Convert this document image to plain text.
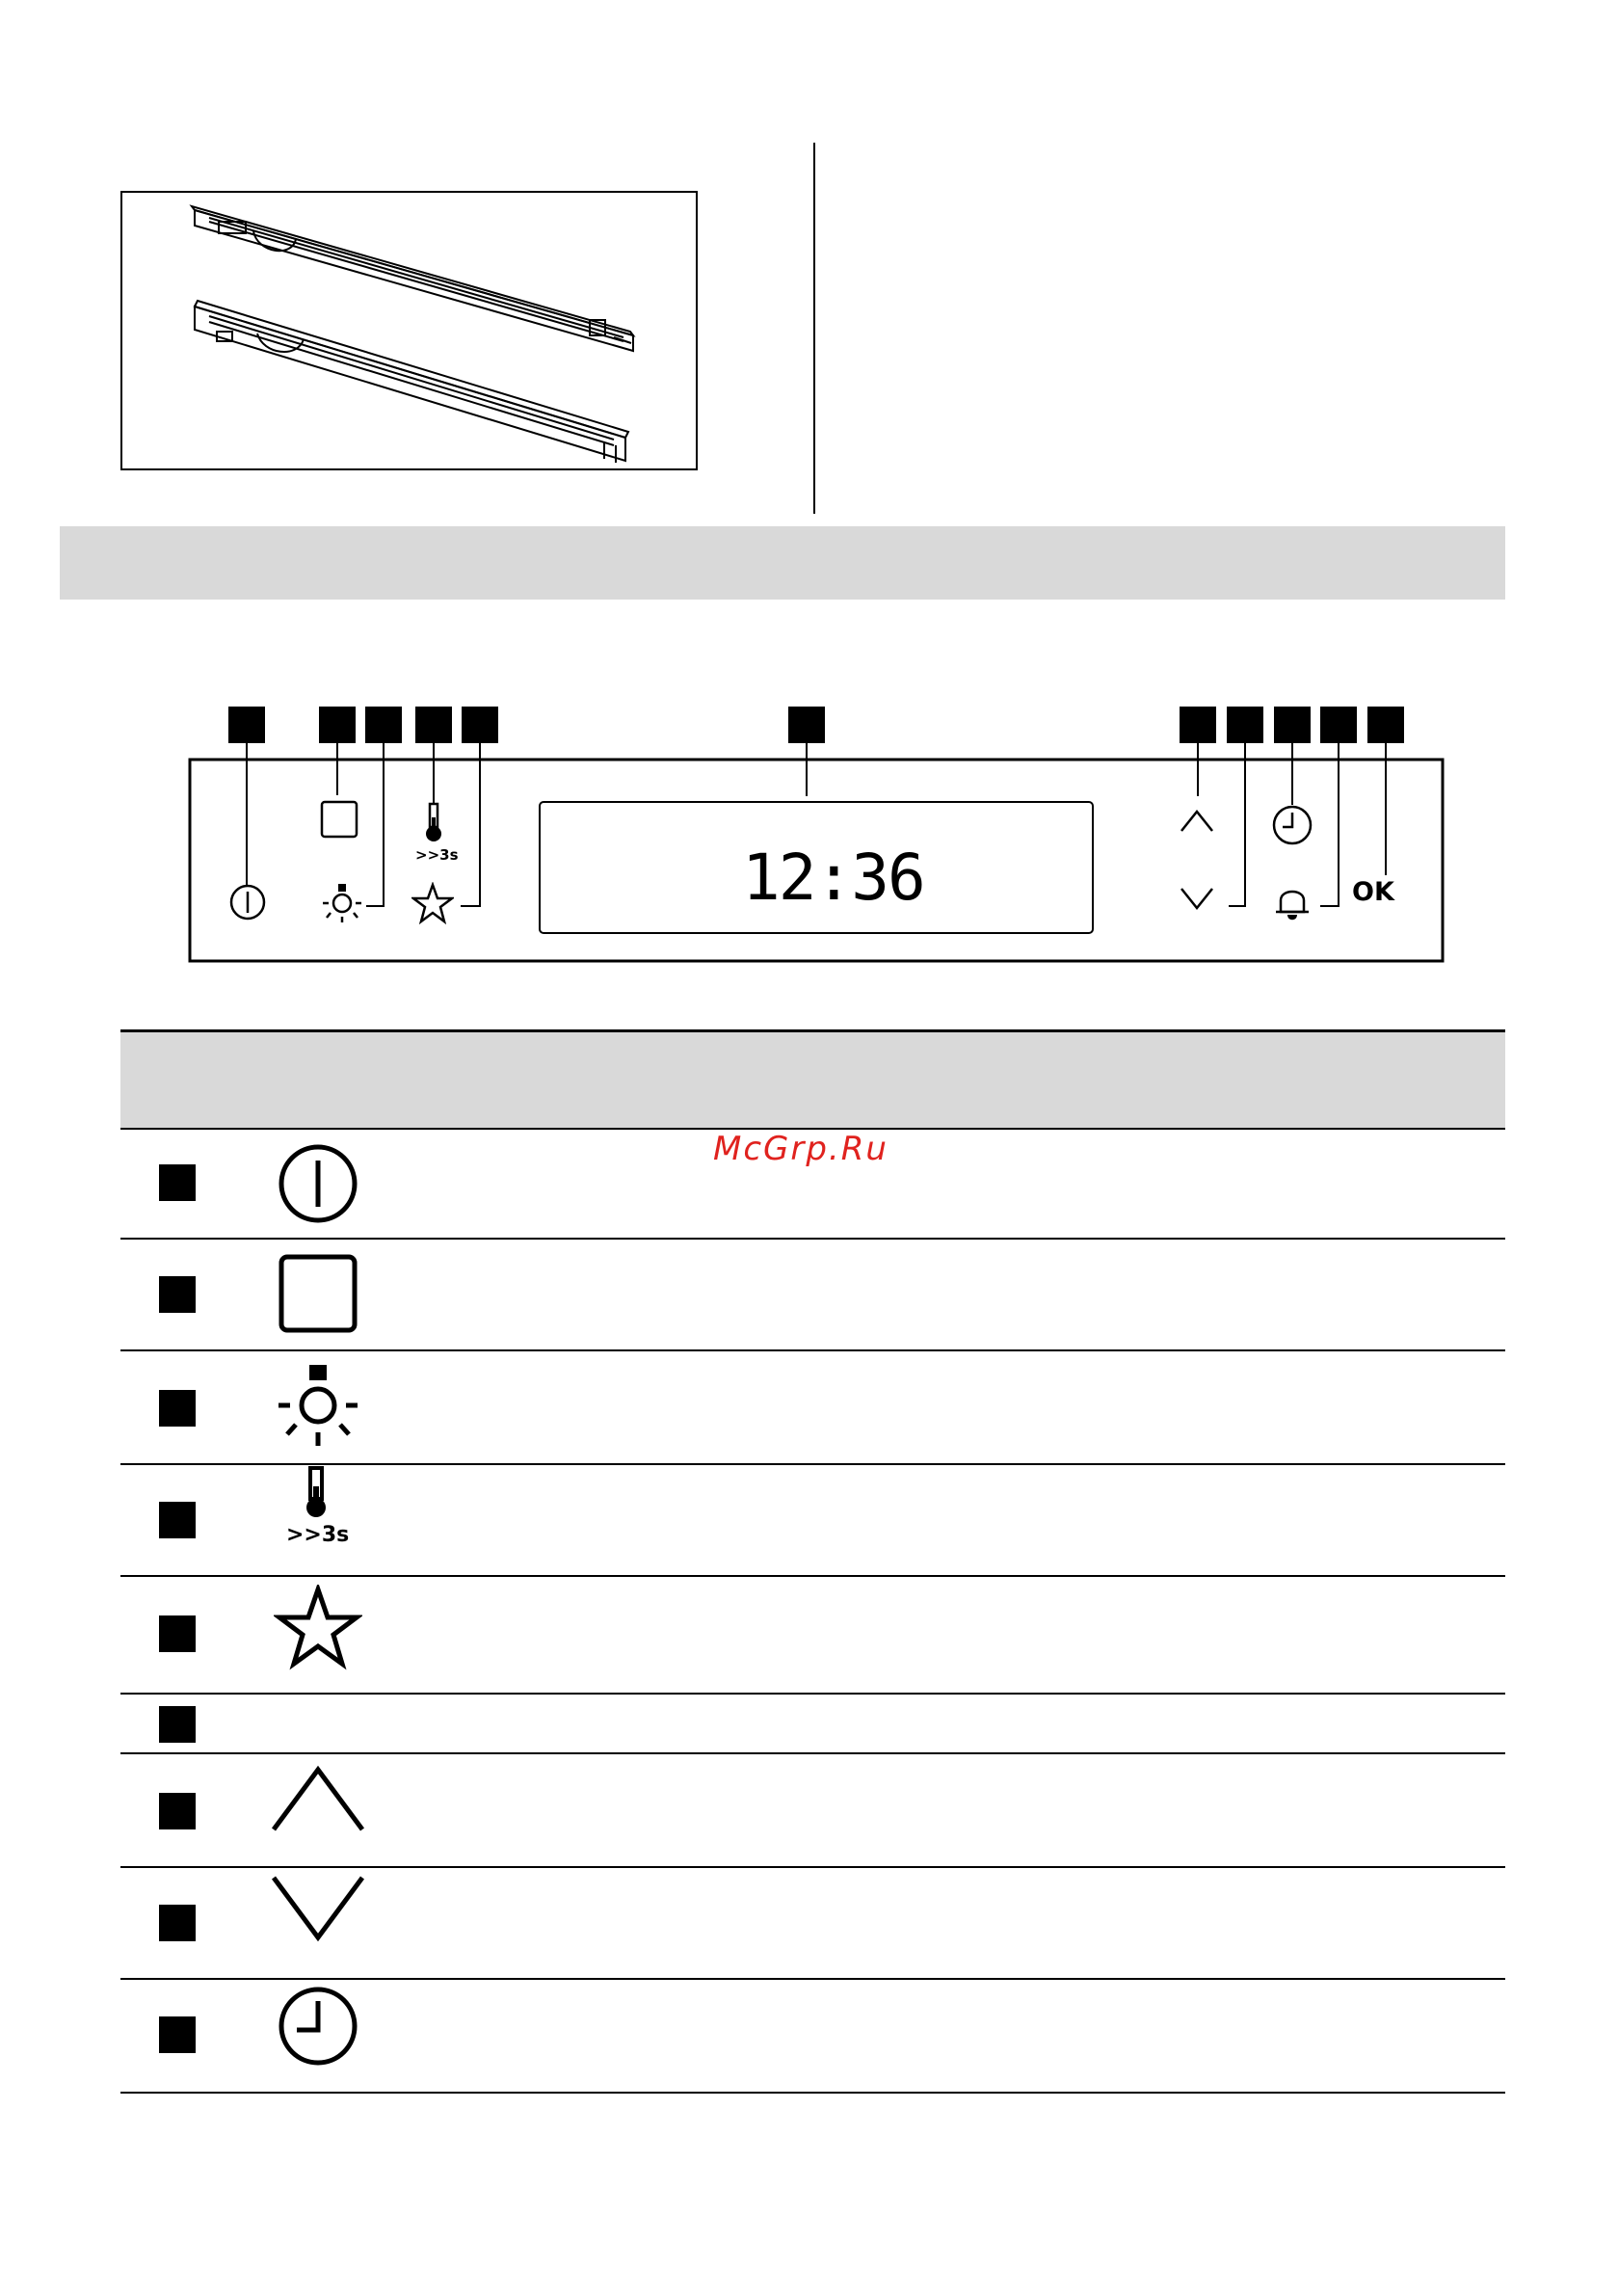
>>3s	12:36	OK
>>3s
McGrp.Ru
